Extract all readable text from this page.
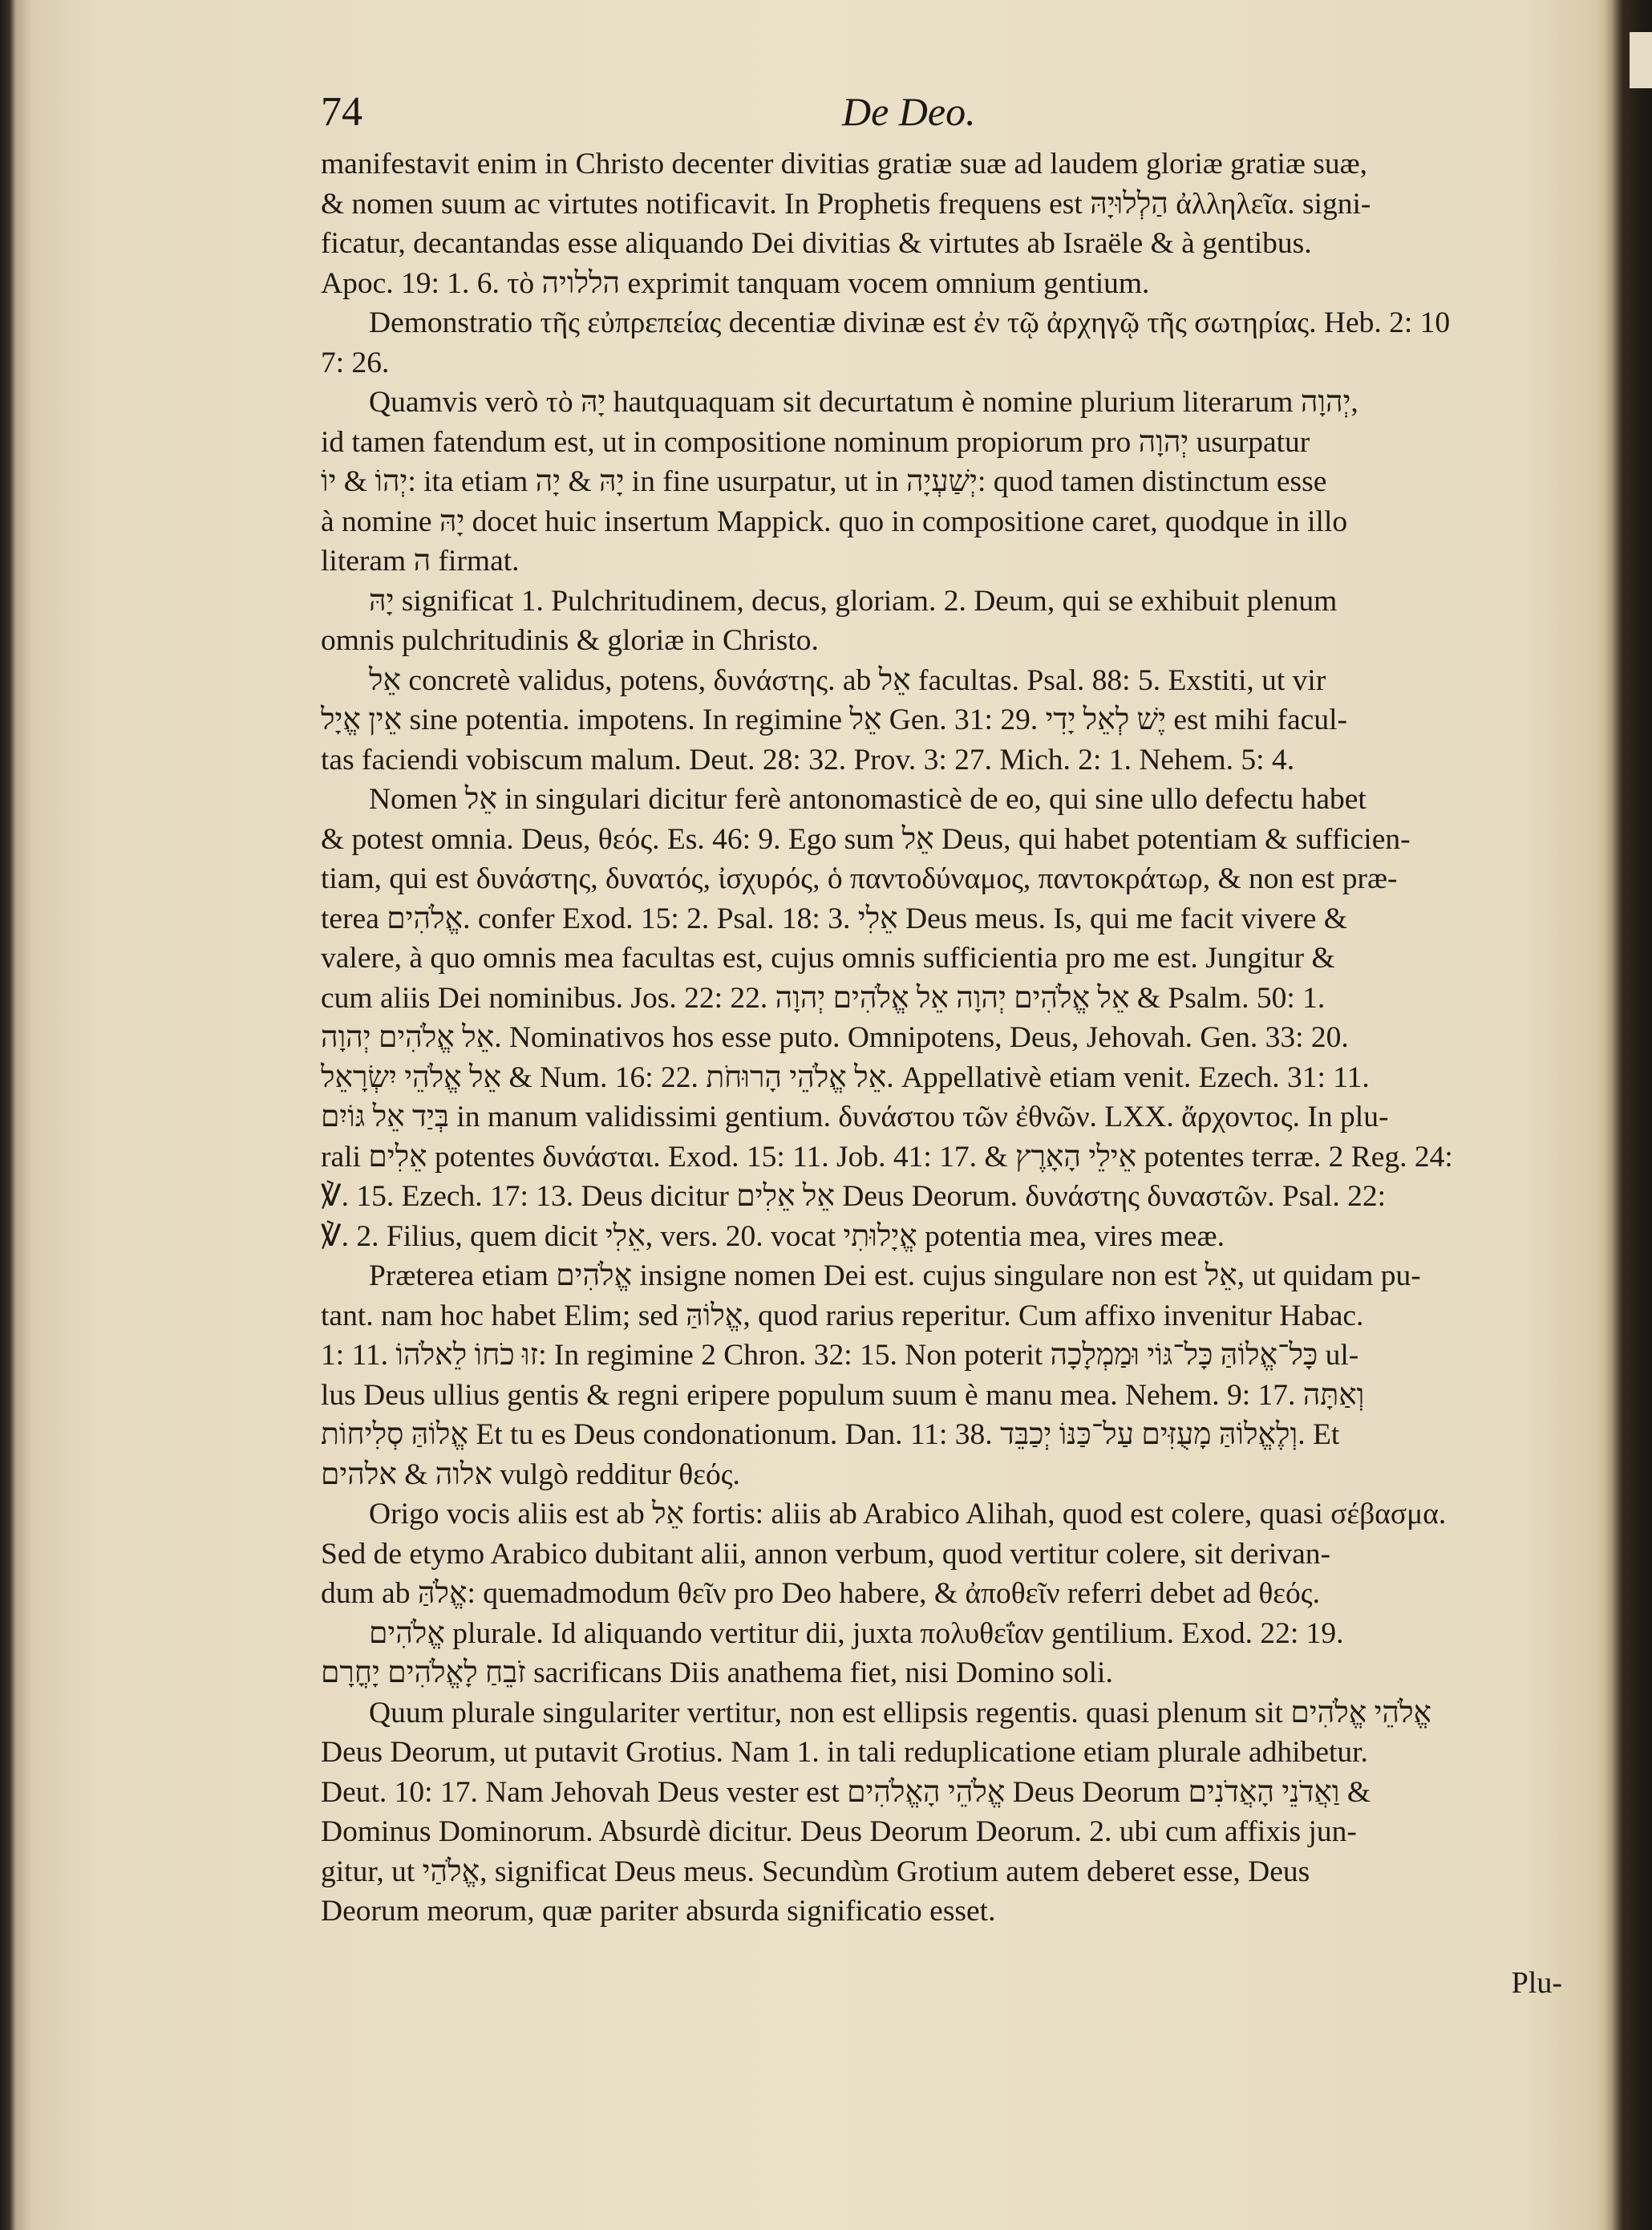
74	De Deo.
manifestavit enim in Christo decenter divitias gratiæ suæ ad laudem gloriæ gratiæ suæ,
& nomen suum ac virtutes notificavit. In Prophetis frequens est הַלְלוּיָהּ ἀλληλεῖα. signi-
ficatur, decantandas esse aliquando Dei divitias & virtutes ab Israële & à gentibus.
Apoc. 19: 1. 6. τὸ הללויה exprimit tanquam vocem omnium gentium.
Demonstratio τῆς εὐπρεπείας decentiæ divinæ est ἐν τῷ ἀρχηγῷ τῆς σωτηρίας. Heb. 2: 10
7: 26.
Quamvis verò τὸ יָהּ hautquaquam sit decurtatum è nomine plurium literarum יְהוָה,
id tamen fatendum est, ut in compositione nominum propiorum pro יְהוָה usurpatur
יְהוֹ & יוֹ: ita etiam יָהּ & יָה in fine usurpatur, ut in יְשַׁעְיָה: quod tamen distinctum esse
à nomine יָהּ docet huic insertum Mappick. quo in compositione caret, quodque in illo
literam ה firmat.
יָהּ significat 1. Pulchritudinem, decus, gloriam. 2. Deum, qui se exhibuit plenum
omnis pulchritudinis & gloriæ in Christo.
אֵל concretè validus, potens, δυνάστης. ab אֵל facultas. Psal. 88: 5. Exstiti, ut vir
אֵין אֱיָל sine potentia. impotens. In regimine אֵל Gen. 31: 29. יֶשׁ לְאֵל יָדִי est mihi facul-
tas faciendi vobiscum malum. Deut. 28: 32. Prov. 3: 27. Mich. 2: 1. Nehem. 5: 4.
Nomen אֵל in singulari dicitur ferè antonomasticè de eo, qui sine ullo defectu habet
& potest omnia. Deus, θεός. Es. 46: 9. Ego sum אֵל Deus, qui habet potentiam & sufficien-
tiam, qui est δυνάστης, δυνατός, ἰσχυρός, ὁ παντοδύναμος, παντοκράτωρ, & non est præ-
terea אֱלֹהִים. confer Exod. 15: 2. Psal. 18: 3. אֵלִי Deus meus. Is, qui me facit vivere &
valere, à quo omnis mea facultas est, cujus omnis sufficientia pro me est. Jungitur &
cum aliis Dei nominibus. Jos. 22: 22. אֵל אֱלֹהִים יְהוָה אֵל אֱלֹהִים יְהוָה & Psalm. 50: 1.
אֵל אֱלֹהִים יְהוָה. Nominativos hos esse puto. Omnipotens, Deus, Jehovah. Gen. 33: 20.
אֵל אֱלֹהֵי יִשְׂרָאֵל & Num. 16: 22. אֵל אֱלֹהֵי הָרוּחֹת. Appellativè etiam venit. Ezech. 31: 11.
בְּיַד אֵל גּוֹיִם in manum validissimi gentium. δυνάστου τῶν ἐθνῶν. LXX. ἄρχοντος. In plu-
rali אֵלִים potentes δυνάσται. Exod. 15: 11. Job. 41: 17. & אֵילֵי הָאָרֶץ potentes terræ. 2 Reg. 24:
℣. 15. Ezech. 17: 13. Deus dicitur אֵל אֵלִים Deus Deorum. δυνάστης δυναστῶν. Psal. 22:
℣. 2. Filius, quem dicit אֵלִי, vers. 20. vocat אֱיָלוּתִי potentia mea, vires meæ.
Præterea etiam אֱלֹהִים insigne nomen Dei est. cujus singulare non est אֵל, ut quidam pu-
tant. nam hoc habet Elim; sed אֱלוֹהַּ, quod rarius reperitur. Cum affixo invenitur Habac.
1: 11. זוּ כֹחוֹ לֵאלֹהוֹ: In regimine 2 Chron. 32: 15. Non poterit כָּל־אֱלוֹהַּ כָּל־גּוֹי וּמַמְלָכָה ul-
lus Deus ullius gentis & regni eripere populum suum è manu mea. Nehem. 9: 17. וְאַתָּה
אֱלוֹהַּ סְלִיחוֹת Et tu es Deus condonationum. Dan. 11: 38. וְלֶאֱלוֹהַּ מָעֻזִּים עַל־כַּנּוֹ יְכַבֵּד. Et
אלוה & אלהים vulgò redditur θεός.
Origo vocis aliis est ab אֵל fortis: aliis ab Arabico Alihah, quod est colere, quasi σέβασμα.
Sed de etymo Arabico dubitant alii, annon verbum, quod vertitur colere, sit derivan-
dum ab אֱלֹהַּ: quemadmodum θεῖν pro Deo habere, & ἀποθεῖν referri debet ad θεός.
אֱלֹהִים plurale. Id aliquando vertitur dii, juxta πολυθεΐαν gentilium. Exod. 22: 19.
זֹבֵחַ לָאֱלֹהִים יָחֳרָם sacrificans Diis anathema fiet, nisi Domino soli.
Quum plurale singulariter vertitur, non est ellipsis regentis. quasi plenum sit אֱלֹהֵי אֱלֹהִים
Deus Deorum, ut putavit Grotius. Nam 1. in tali reduplicatione etiam plurale adhibetur.
Deut. 10: 17. Nam Jehovah Deus vester est אֱלֹהֵי הָאֱלֹהִים Deus Deorum וַאֲדֹנֵי הָאֲדֹנִים &
Dominus Dominorum. Absurdè dicitur. Deus Deorum Deorum. 2. ubi cum affixis jun-
gitur, ut אֱלֹהַי, significat Deus meus. Secundùm Grotium autem deberet esse, Deus
Deorum meorum, quæ pariter absurda significatio esset.
Plu-
